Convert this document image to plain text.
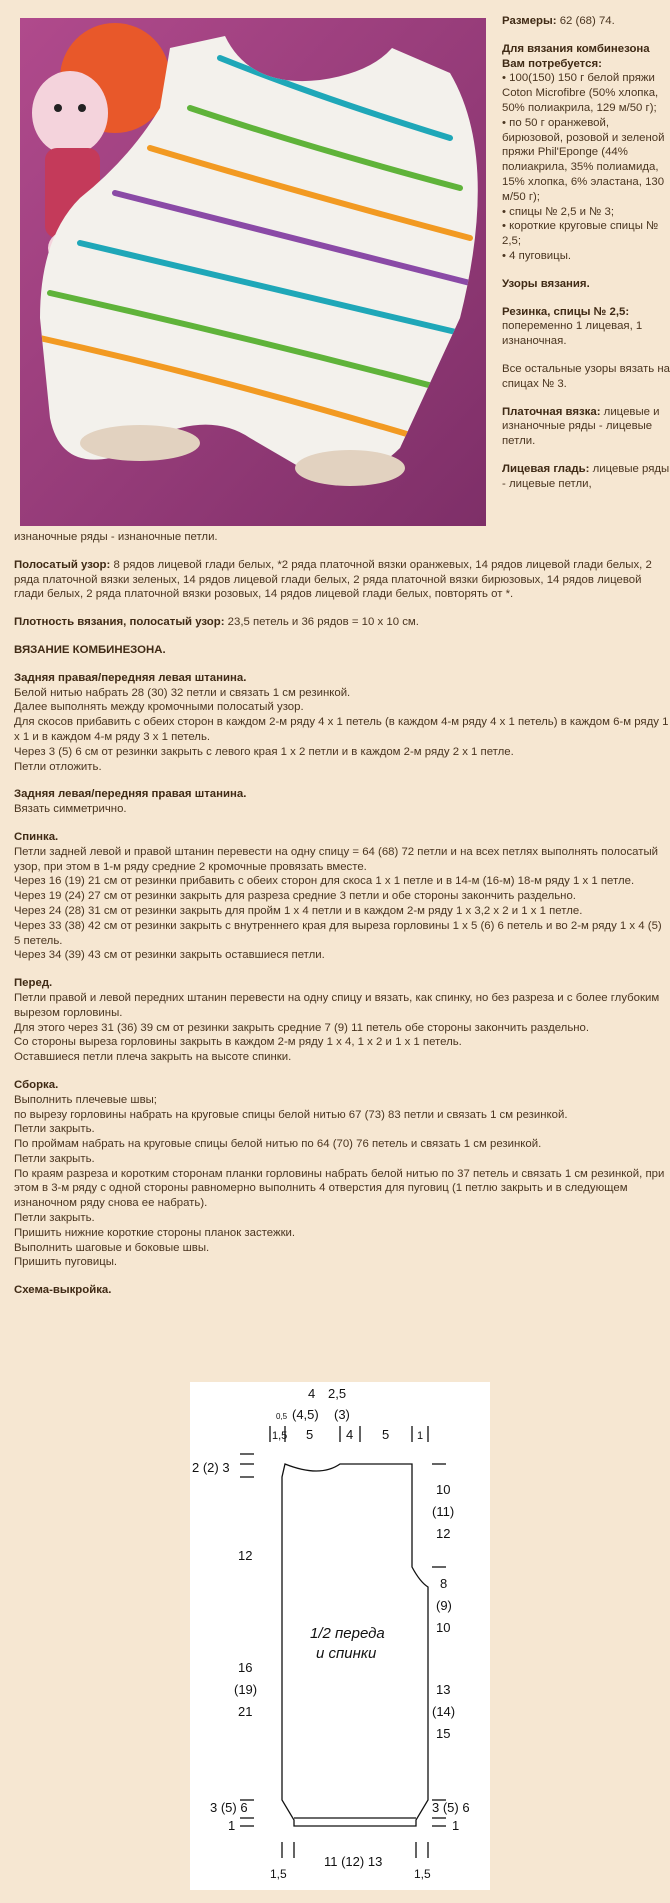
Размеры: 62 (68) 74.

Для вязания комбинезона Вам потребуется:

• 100(150) 150 г белой пряжи Coton Microfibre (50% хлопка, 50% полиакрила, 129 м/50 г);
• по 50 г оранжевой, бирюзовой, розовой и зеленой пряжи Phil'Eponge (44% полиакрила, 35% полиамида, 15% хлопка, 6% эластана, 130 м/50 г);
• спицы № 2,5 и № 3;
• короткие круговые спицы № 2,5;
• 4 пуговицы.

Узоры вязания.

Резинка, спицы № 2,5: попеременно 1 лицевая, 1 изнаночная.

Все остальные узоры вязать на спицах № 3.

Платочная вязка: лицевые и изнаночные ряды - лицевые петли.

Лицевая гладь: лицевые ряды - лицевые петли,

изнаночные ряды - изнаночные петли.

Полосатый узор: 8 рядов лицевой глади белых, *2 ряда платочной вязки оранжевых, 14 рядов лицевой глади белых, 2 ряда платочной вязки зеленых, 14 рядов лицевой глади белых, 2 ряда платочной вязки бирюзовых, 14 рядов лицевой глади белых, 2 ряда платочной вязки розовых, 14 рядов лицевой глади белых, повторять от *.

Плотность вязания, полосатый узор: 23,5 петель и 36 рядов = 10 х 10 см.

ВЯЗАНИЕ КОМБИНЕЗОНА.

Задняя правая/передняя левая штанина.
Белой нитью набрать 28 (30) 32 петли и связать 1 см резинкой.
Далее выполнять между кромочными полосатый узор.
Для скосов прибавить с обеих сторон в каждом 2-м ряду 4 х 1 петель (в каждом 4-м ряду 4 х 1 петель) в каждом 6-м ряду 1 х 1 и в каждом 4-м ряду 3 х 1 петель.
Через 3 (5) 6 см от резинки закрыть с левого края 1 х 2 петли и в каждом 2-м ряду 2 х 1 петле.
Петли отложить.

Задняя левая/передняя правая штанина.
Вязать симметрично.

Спинка.
Петли задней левой и правой штанин перевести на одну спицу = 64 (68) 72 петли и на всех петлях выполнять полосатый узор, при этом в 1-м ряду средние 2 кромочные провязать вместе.
Через 16 (19) 21 см от резинки прибавить с обеих сторон для скоса 1 х 1 петле и в 14-м (16-м) 18-м ряду 1 х 1 петле.
Через 19 (24) 27 см от резинки закрыть для разреза средние 3 петли и обе стороны закончить раздельно.
Через 24 (28) 31 см от резинки закрыть для пройм 1 х 4 петли и в каждом 2-м ряду 1 х 3,2 х 2 и 1 х 1 петле.
Через 33 (38) 42 см от резинки закрыть с внутреннего края для выреза горловины 1 х 5 (6) 6 петель и во 2-м ряду 1 х 4 (5) 5 петель.
Через 34 (39) 43 см от резинки закрыть оставшиеся петли.

Перед.
Петли правой и левой передних штанин перевести на одну спицу и вязать, как спинку, но без разреза и с более глубоким вырезом горловины.
Для этого через 31 (36) 39 см от резинки закрыть средние 7 (9) 11 петель обе стороны закончить раздельно.
Со стороны выреза горловины закрыть в каждом 2-м ряду 1 х 4, 1 х 2 и 1 х 1 петель.
Оставшиеся петли плеча закрыть на высоте спинки.

Сборка.
Выполнить плечевые швы;
по вырезу горловины набрать на круговые спицы белой нитью 67 (73) 83 петли и связать 1 см резинкой.
Петли закрыть.
По проймам набрать на круговые спицы белой нитью по 64 (70) 76 петель и связать 1 см резинкой.
Петли закрыть.
По краям разреза и коротким сторонам планки горловины набрать белой нитью по 37 петель и связать 1 см резинкой, при этом в 3-м ряду с одной стороны равномерно выполнить 4 отверстия для пуговиц (1 петлю закрыть и в следующем изнаночном ряду снова ее набрать).
Петли закрыть.
Пришить нижние короткие стороны планок застежки.
Выполнить шаговые и боковые швы.
Пришить пуговицы.

Схема-выкройка.

4 2,5
0,5 (4,5) (3)
1,5 5	4 5	1
2 (2) 3
12
16
(19)
21
3 (5) 6
1
10
(11)
12
8
(9)
10
13
(14)
15
3 (5) 6
1
1,5
11 (12) 13
1,5
1/2 переда
и спинки
